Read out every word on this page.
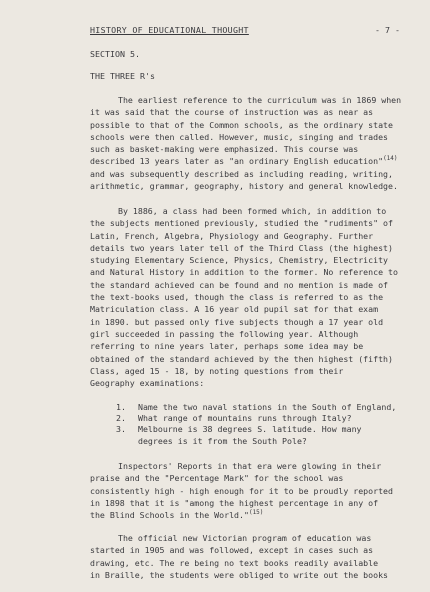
HISTORY OF EDUCATIONAL THOUGHT	- 7 -
SECTION 5.
THE THREE R's

The earliest reference to the curriculum was in 1869 when
it was said that the course of instruction was as near as
possible to that of the Common schools, as the ordinary state
schools were then called. However, music, singing and trades
such as basket-making were emphasized. This course was
described 13 years later as "an ordinary English education"$^{(14)}$
and was subsequently described as including reading, writing,
arithmetic, grammar, geography, history and general knowledge.

By 1886, a class had been formed which, in addition to
the subjects mentioned previously, studied the "rudiments" of
Latin, French, Algebra, Physiology and Geography. Further
details two years later tell of the Third Class (the highest)
studying Elementary Science, Physics, Chemistry, Electricity
and Natural History in addition to the former. No reference to
the standard achieved can be found and no mention is made of
the text-books used, though the class is referred to as the
Matriculation class. A 16 year old pupil sat for that exam
in 1890. but passed only five subjects though a 17 year old
girl succeeded in passing the following year. Although
referring to nine years later, perhaps some idea may be
obtained of the standard achieved by the then highest (fifth)
Class, aged 15 - 18, by noting questions from their
Geography examinations:

1.	Name the two naval stations in the South of England,
2.	What range of mountains runs through Italy?
3.	Melbourne is 38 degrees S. latitude. How many
degrees is it from the South Pole?

Inspectors' Reports in that era were glowing in their
praise and the "Percentage Mark" for the school was
consistently high - high enough for it to be proudly reported
in 1898 that it is "among the highest percentage in any of
the Blind Schools in the World."$^{(15)}$

The official new Victorian program of education was
started in 1905 and was followed, except in cases such as
drawing, etc. The re being no text books readily available
in Braille, the students were obliged to write out the books
